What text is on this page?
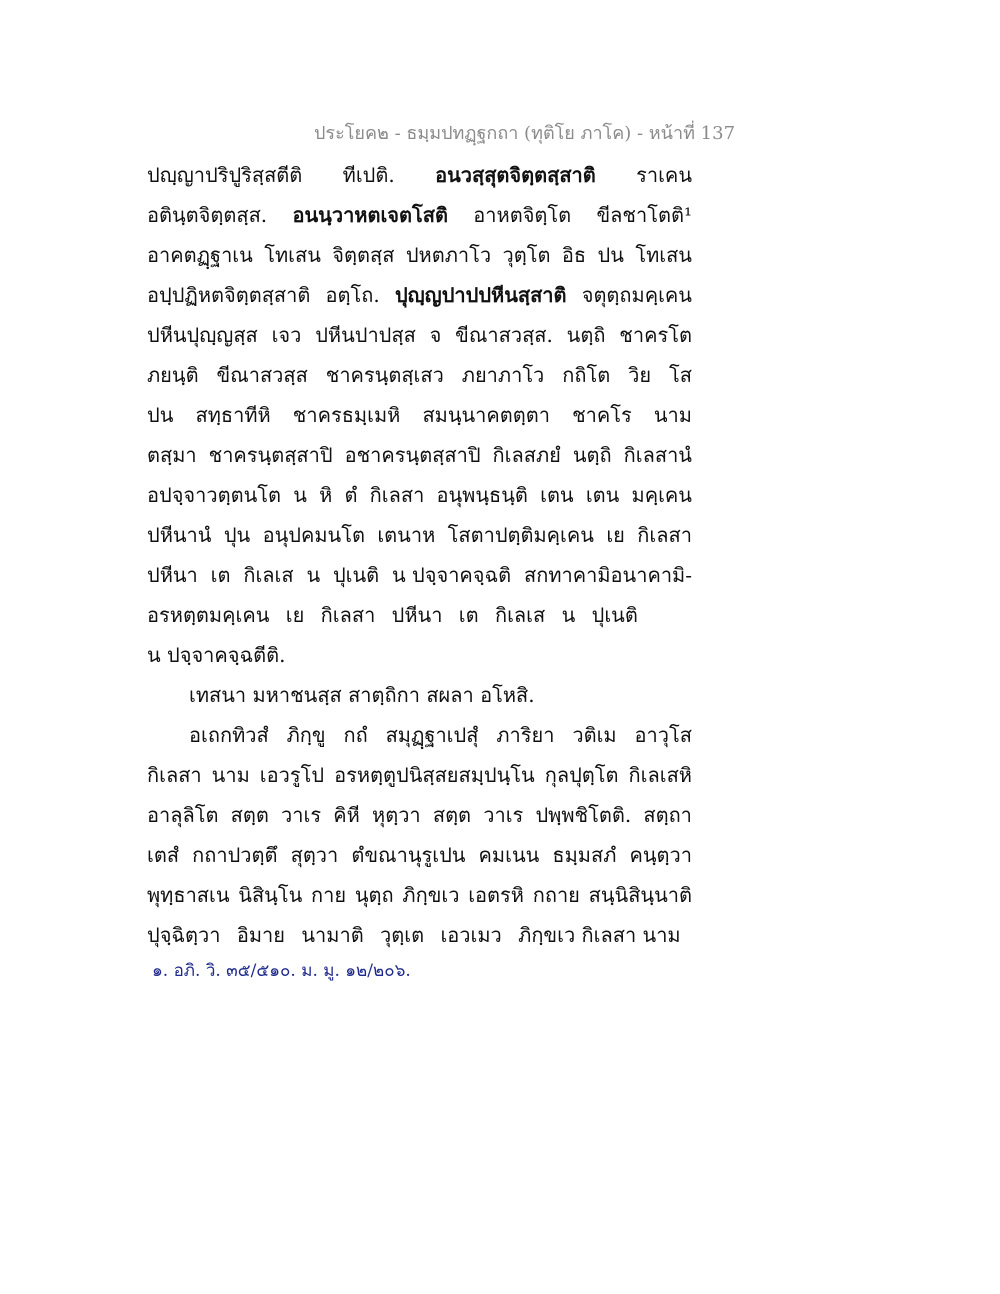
ประโยค๒ - ธมฺมปทฏฺฐกถา (ทุติโย ภาโค) - หน้าที่ 137
ปญฺญาปริปูริสฺสตีติ ทีเปติ. อนวสฺสุตจิตฺตสฺสาติ ราเคน
อตินฺตจิตฺตสฺส. อนนฺวาหตเจตโสติ อาหตจิตฺโต ขีลชาโตติ¹
อาคตฏฺฐาเน โทเสน จิตฺตสฺส ปหตภาโว วุตฺโต อิธ ปน โทเสน
อปฺปฏิหตจิตฺตสฺสาติ อตฺโถ. ปุญฺญปาปปหีนสฺสาติ จตุตฺถมคฺเคน
ปหีนปุญฺญสฺส เจว ปหีนปาปสฺส จ ขีณาสวสฺส. นตฺถิ ชาครโต
ภยนฺติ ขีณาสวสฺส ชาครนฺตสฺเสว ภยาภาโว กถิโต วิย โส
ปน สทฺธาทีหิ ชาครธมฺเมหิ สมนฺนาคตตฺตา ชาคโร นาม
ตสฺมา ชาครนฺตสฺสาปิ อชาครนฺตสฺสาปิ กิเลสภยํ นตฺถิ กิเลสานํ
อปจฺจาวตฺตนโต น หิ ตํ กิเลสา อนุพนฺธนฺติ เตน เตน มคฺเคน
ปหีนานํ ปุน อนุปคมนโต เตนาห โสตาปตฺติมคฺเคน เย กิเลสา
ปหีนา เต กิเลเส น ปุเนติ น ปจฺจาคจฺฉติ สกทาคามิอนาคามิ-
อรหตฺตมคฺเคน เย กิเลสา ปหีนา เต กิเลเส น ปุเนติ
น ปจฺจาคจฺฉตีติ.
เทสนา มหาชนสฺส สาตฺถิกา สผลา อโหสิ.
อเถกทิวสํ ภิกฺขู กถํ สมุฏฺฐาเปสุํ ภาริยา วติเม อาวุโส
กิเลสา นาม เอวรูโป อรหตฺตูปนิสฺสยสมฺปนฺโน กุลปุตฺโต กิเลเสหิ
อาลุลิโต สตฺต วาเร คิหี หุตฺวา สตฺต วาเร ปพฺพชิโตติ. สตฺถา
เตสํ กถาปวตฺตึ สุตฺวา ตํขณานุรูเปน คมเนน ธมฺมสภํ คนฺตฺวา
พุทฺธาสเน นิสินฺโน กาย นุตฺถ ภิกฺขเว เอตรหิ กถาย สนฺนิสินฺนาติ
ปุจฺฉิตฺวา อิมาย นามาติ วุตฺเต เอวเมว ภิกฺขเว กิเลสา นาม
๑. อภิ. วิ. ๓๕/๕๑๐. ม. มู. ๑๒/๒๐๖.
